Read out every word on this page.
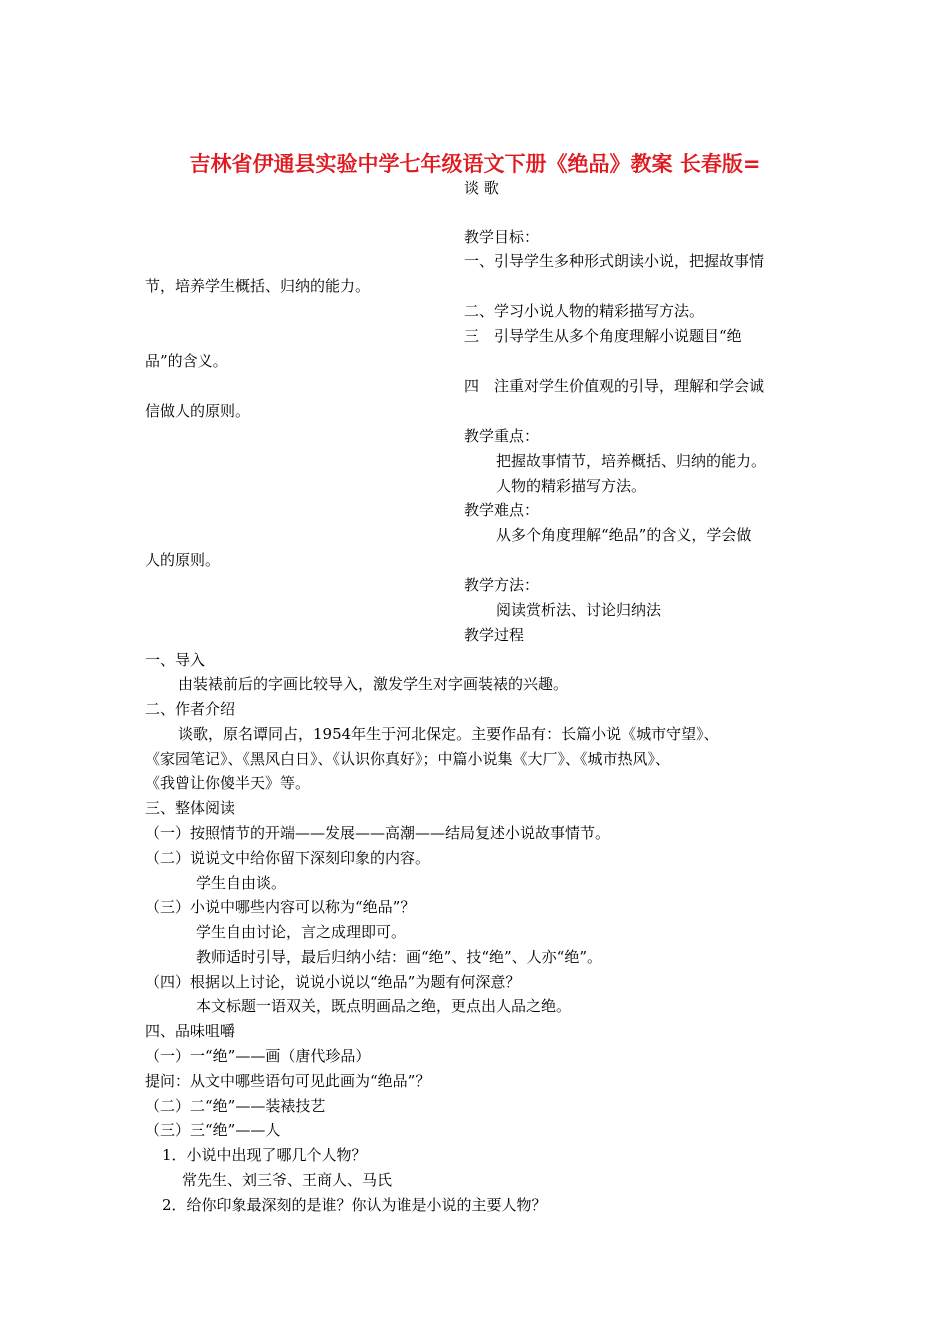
吉林省伊通县实验中学七年级语文下册《绝品》教案 长春版=
谈 歌
教学目标：
一、引导学生多种形式朗读小说，把握故事情
节，培养学生概括、归纳的能力。
二、学习小说人物的精彩描写方法。
三　引导学生从多个角度理解小说题目“绝
品”的含义。
四　注重对学生价值观的引导，理解和学会诚
信做人的原则。
教学重点：
把握故事情节，培养概括、归纳的能力。
人物的精彩描写方法。
教学难点：
从多个角度理解“绝品”的含义，学会做
人的原则。
教学方法：
阅读赏析法、讨论归纳法
教学过程
一、导入
由装裱前后的字画比较导入，激发学生对字画装裱的兴趣。
二、作者介绍
谈歌，原名谭同占，1954年生于河北保定。主要作品有：长篇小说《城市守望》、
《家园笔记》、《黑风白日》、《认识你真好》；中篇小说集《大厂》、《城市热风》、
《我曾让你傻半天》等。
三、整体阅读
（一）按照情节的开端——发展——高潮——结局复述小说故事情节。
（二）说说文中给你留下深刻印象的内容。
学生自由谈。
（三）小说中哪些内容可以称为“绝品”？
学生自由讨论，言之成理即可。
教师适时引导，最后归纳小结：画“绝”、技“绝”、人亦“绝”。
（四）根据以上讨论，说说小说以“绝品”为题有何深意？
本文标题一语双关，既点明画品之绝，更点出人品之绝。
四、品味咀嚼
（一）一“绝”——画（唐代珍品）
提问：从文中哪些语句可见此画为“绝品”？
（二）二“绝”——装裱技艺
（三）三“绝”——人
1．小说中出现了哪几个人物？
常先生、刘三爷、王商人、马氏
2．给你印象最深刻的是谁？你认为谁是小说的主要人物？
